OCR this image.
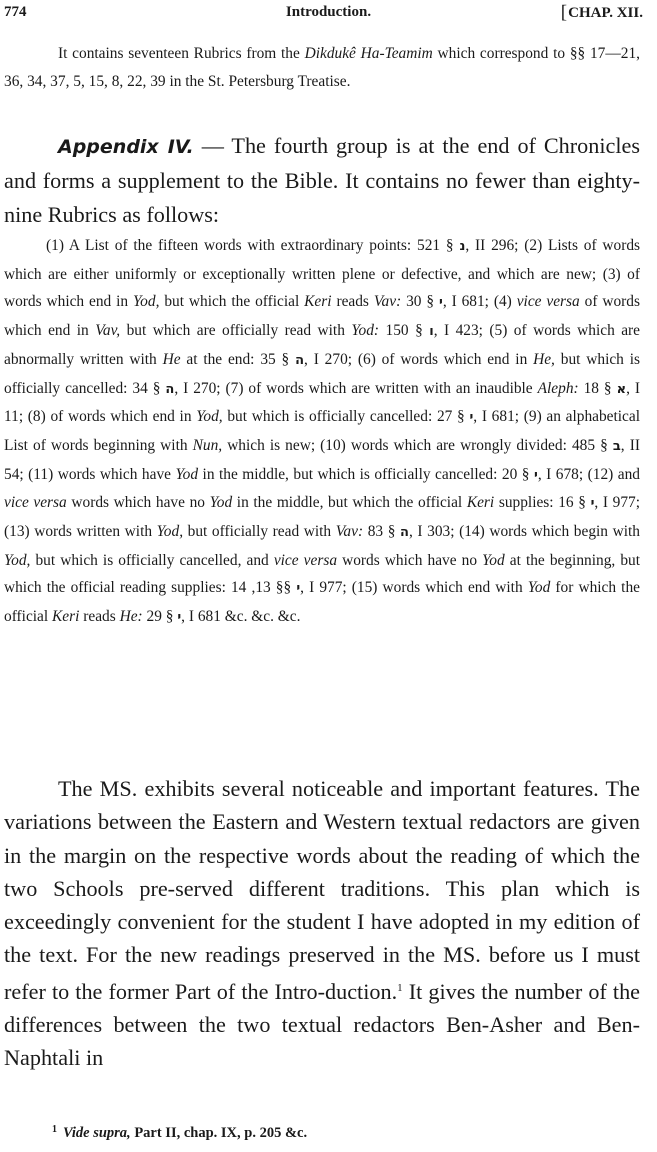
774	Introduction.	[CHAP. XII.

It contains seventeen Rubrics from the Dikdukê Ha-Teamim which correspond to §§ 17—21, 36, 34, 37, 5, 15, 8, 22, 39 in the St. Petersburg Treatise.

Appendix IV. — The fourth group is at the end of Chronicles and forms a supplement to the Bible. It contains no fewer than eighty-nine Rubrics as follows:

(1) A List of the fifteen words with extraordinary points:	נ § 521, II 296; (2) Lists of words which are either uniformly or exceptionally written plene or defective, and which are new; (3) of words which end in Yod, but which the official Keri reads Vav:	י § 30, I 681; (4) vice versa of words which end in Vav, but which are officially read with Yod:	ו § 150, I 423; (5) of words which are abnormally written with He at the end:	ה § 35, I 270; (6) of words which end in He, but which is officially cancelled:	ה § 34, I 270; (7) of words which are written with an inaudible Aleph:	א § 18, I 11; (8) of words which end in Yod, but which is officially cancelled:	י § 27, I 681; (9) an alphabetical List of words beginning with Nun, which is new; (10) words which are wrongly divided:	ב § 485, II 54; (11) words which have Yod in the middle, but which is officially cancelled:	י § 20, I 678; (12) and vice versa words which have no Yod in the middle, but which the official Keri supplies:	י § 16, I 977; (13) words written with Yod, but officially read with Vav:	ה § 83, I 303; (14) words which begin with Yod, but which is officially cancelled, and vice versa words which have no Yod at the beginning, but which the official reading supplies:	י §§ 13, 14, I 977; (15) words which end with Yod for which the official Keri reads He:	י § 29, I 681 &c. &c. &c.

The MS. exhibits several noticeable and important features. The variations between the Eastern and Western textual redactors are given in the margin on the respective words about the reading of which the two Schools pre-served different traditions. This plan which is exceedingly convenient for the student I have adopted in my edition of the text. For the new readings preserved in the MS. before us I must refer to the former Part of the Intro-duction.$^1$ It gives the number of the differences between the two textual redactors Ben-Asher and Ben-Naphtali in

$^1$ Vide supra, Part II, chap. IX, p. 205 &c.
